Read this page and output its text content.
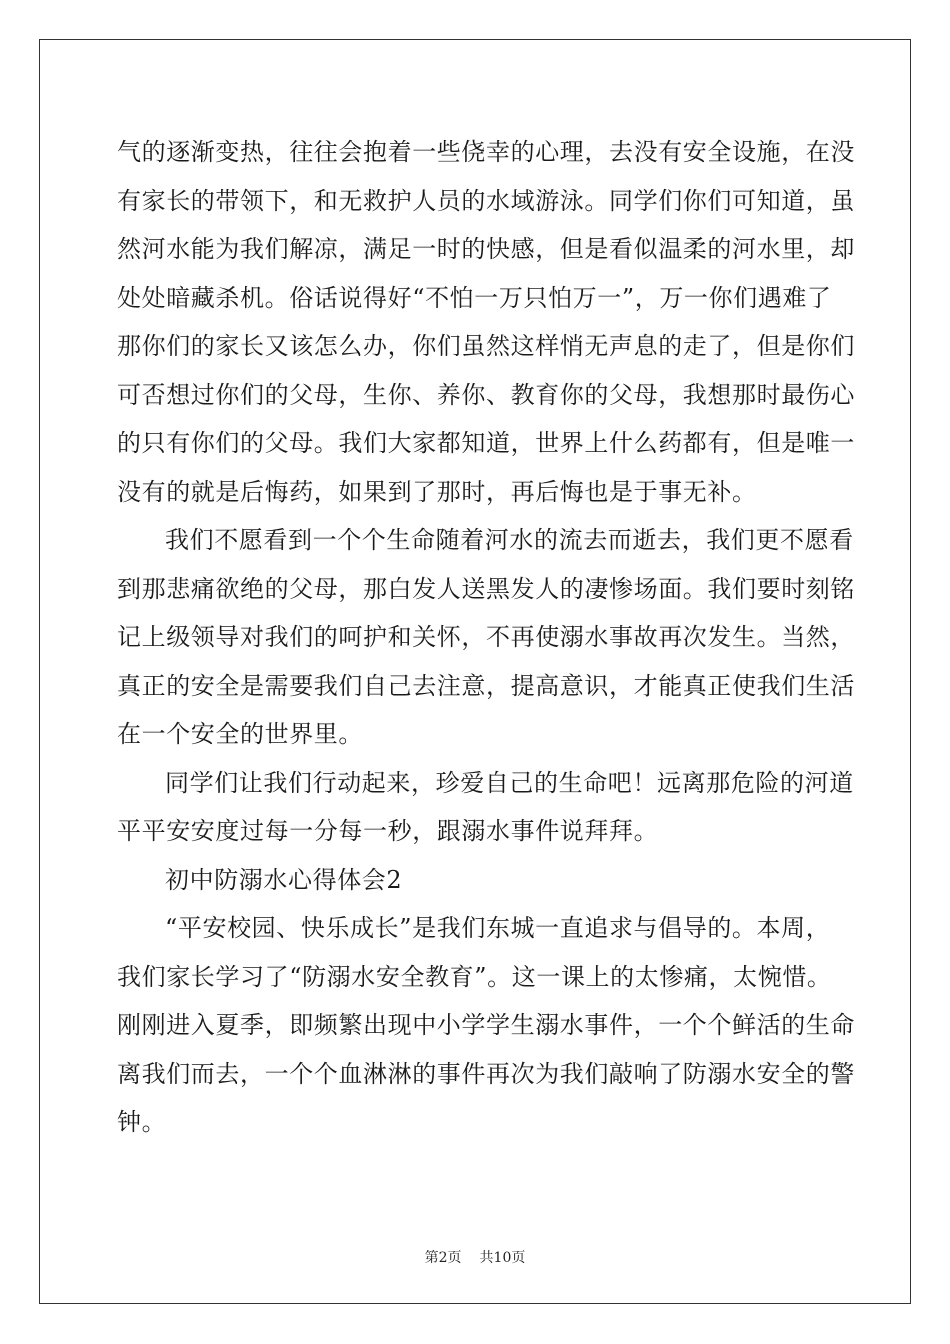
气的逐渐变热，往往会抱着一些侥幸的心理，去没有安全设施，在没
有家长的带领下，和无救护人员的水域游泳。同学们你们可知道，虽
然河水能为我们解凉，满足一时的快感，但是看似温柔的河水里，却
处处暗藏杀机。俗话说得好“不怕一万只怕万一”，万一你们遇难了
那你们的家长又该怎么办，你们虽然这样悄无声息的走了，但是你们
可否想过你们的父母，生你、养你、教育你的父母，我想那时最伤心
的只有你们的父母。我们大家都知道，世界上什么药都有，但是唯一
没有的就是后悔药，如果到了那时，再后悔也是于事无补。

我们不愿看到一个个生命随着河水的流去而逝去，我们更不愿看
到那悲痛欲绝的父母，那白发人送黑发人的凄惨场面。我们要时刻铭
记上级领导对我们的呵护和关怀，不再使溺水事故再次发生。当然，
真正的安全是需要我们自己去注意，提高意识，才能真正使我们生活
在一个安全的世界里。

同学们让我们行动起来，珍爱自己的生命吧！远离那危险的河道
平平安安度过每一分每一秒，跟溺水事件说拜拜。

初中防溺水心得体会2

“平安校园、快乐成长”是我们东城一直追求与倡导的。本周，
我们家长学习了“防溺水安全教育”。这一课上的太惨痛，太惋惜。
刚刚进入夏季，即频繁出现中小学学生溺水事件，一个个鲜活的生命
离我们而去，一个个血淋淋的事件再次为我们敲响了防溺水安全的警
钟。

第2页 共10页
